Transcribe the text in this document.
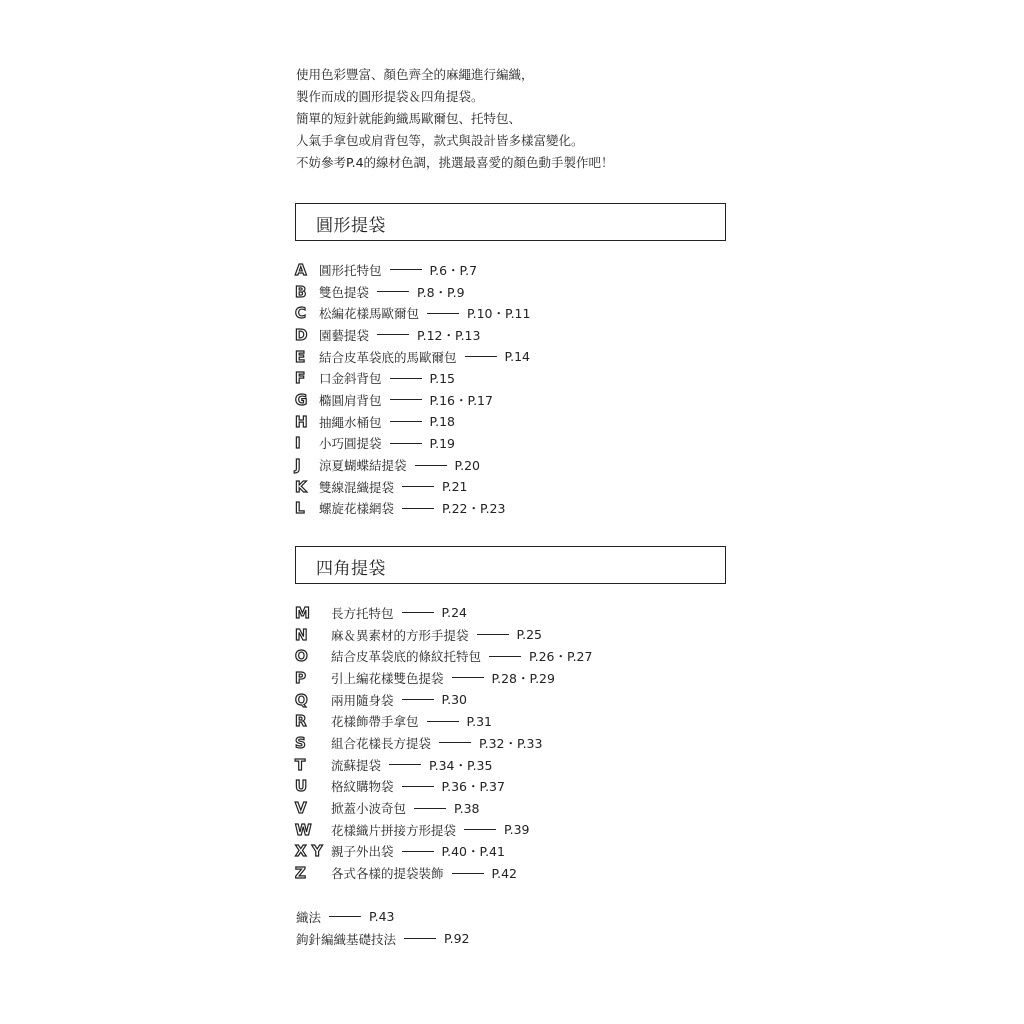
使用色彩豐富、顏色齊全的麻繩進行編織，
製作而成的圓形提袋＆四角提袋。
簡單的短針就能鉤織馬歐爾包、托特包、
人氣手拿包或肩背包等，款式與設計皆多樣富變化。
不妨參考P.4的線材色調，挑選最喜愛的顏色動手製作吧！
圓形提袋
A 圓形托特包	P.6・P.7
B	雙色提袋	P.8・P.9
C	松編花樣馬歐爾包	P.10・P.11
D 園藝提袋	P.12・P.13
E	結合皮革袋底的馬歐爾包	P.14
F	口金斜背包	P.15
G 橢圓肩背包	P.16・P.17
H 抽繩水桶包	P.18
I	小巧圓提袋	P.19
J	涼夏蝴蝶結提袋	P.20
K 雙線混織提袋	P.21
L	螺旋花樣網袋	P.22・P.23
四角提袋
M	長方托特包	P.24
N	麻＆異素材的方形手提袋	P.25
O	結合皮革袋底的條紋托特包	P.26・P.27
P	引上編花樣雙色提袋	P.28・P.29
Q	兩用隨身袋	P.30
R	花樣飾帶手拿包	P.31
S	組合花樣長方提袋	P.32・P.33
T	流蘇提袋	P.34・P.35
U	格紋購物袋	P.36・P.37
V	掀蓋小波奇包	P.38
W	花樣織片拼接方形提袋	P.39
X Y 親子外出袋	P.40・P.41
Z	各式各樣的提袋裝飾	P.42
織法	P.43
鉤針編織基礎技法	P.92
